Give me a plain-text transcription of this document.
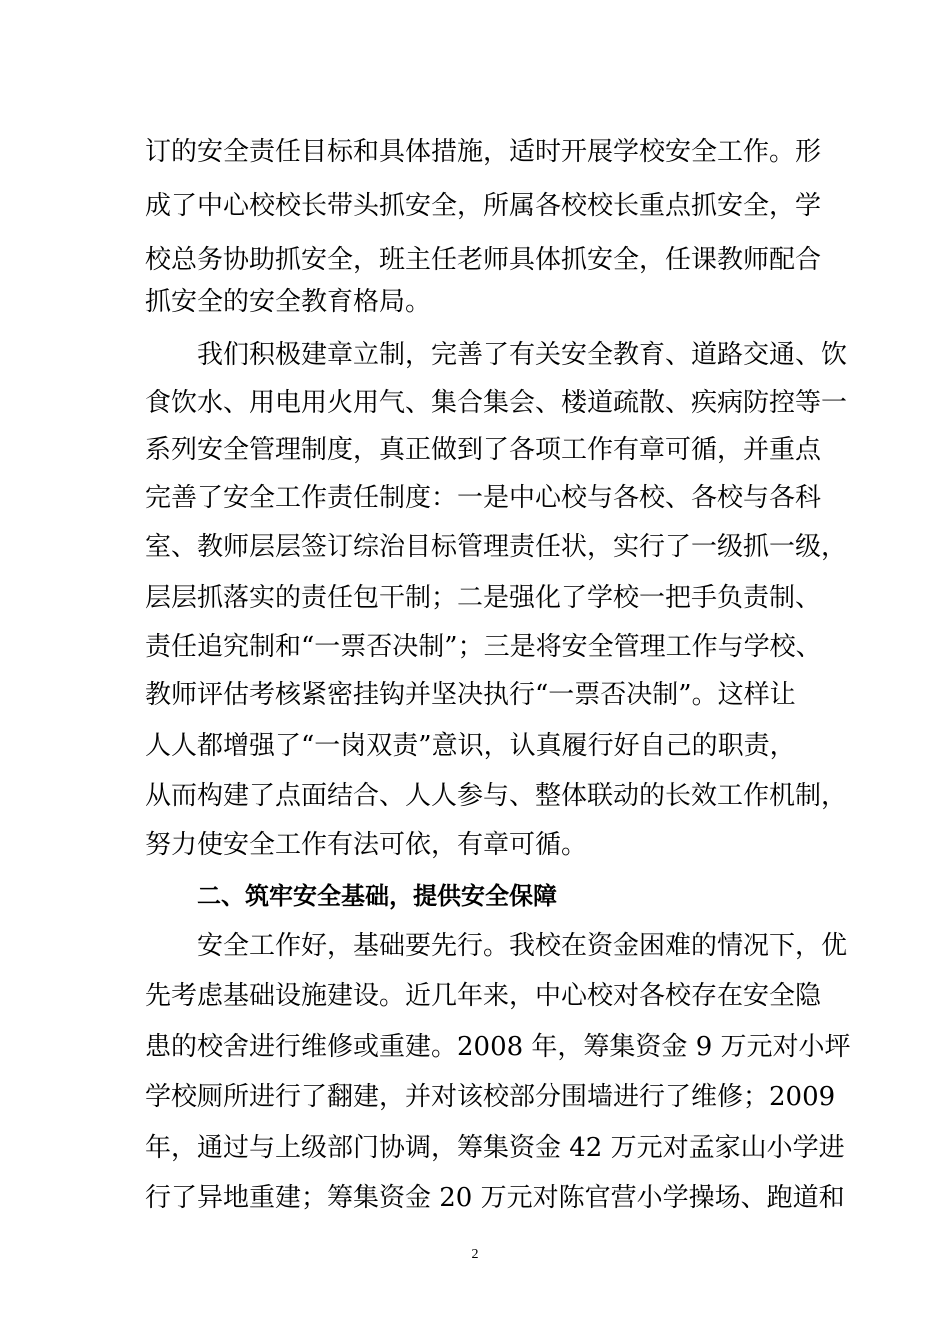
订的安全责任目标和具体措施，适时开展学校安全工作。形
成了中心校校长带头抓安全，所属各校校长重点抓安全，学
校总务协助抓安全，班主任老师具体抓安全，任课教师配合
抓安全的安全教育格局。
我们积极建章立制，完善了有关安全教育、道路交通、饮
食饮水、用电用火用气、集合集会、楼道疏散、疾病防控等一
系列安全管理制度，真正做到了各项工作有章可循，并重点
完善了安全工作责任制度：一是中心校与各校、各校与各科
室、教师层层签订综治目标管理责任状，实行了一级抓一级，
层层抓落实的责任包干制；二是强化了学校一把手负责制、
责任追究制和“一票否决制”；三是将安全管理工作与学校、
教师评估考核紧密挂钩并坚决执行“一票否决制”。这样让
人人都增强了“一岗双责”意识，认真履行好自己的职责，
从而构建了点面结合、人人参与、整体联动的长效工作机制，
努力使安全工作有法可依，有章可循。
二、筑牢安全基础，提供安全保障
安全工作好，基础要先行。我校在资金困难的情况下，优
先考虑基础设施建设。近几年来，中心校对各校存在安全隐
患的校舍进行维修或重建。2008 年，筹集资金 9 万元对小坪
学校厕所进行了翻建，并对该校部分围墙进行了维修；2009
年，通过与上级部门协调，筹集资金 42 万元对孟家山小学进
行了异地重建；筹集资金 20 万元对陈官营小学操场、跑道和
2
